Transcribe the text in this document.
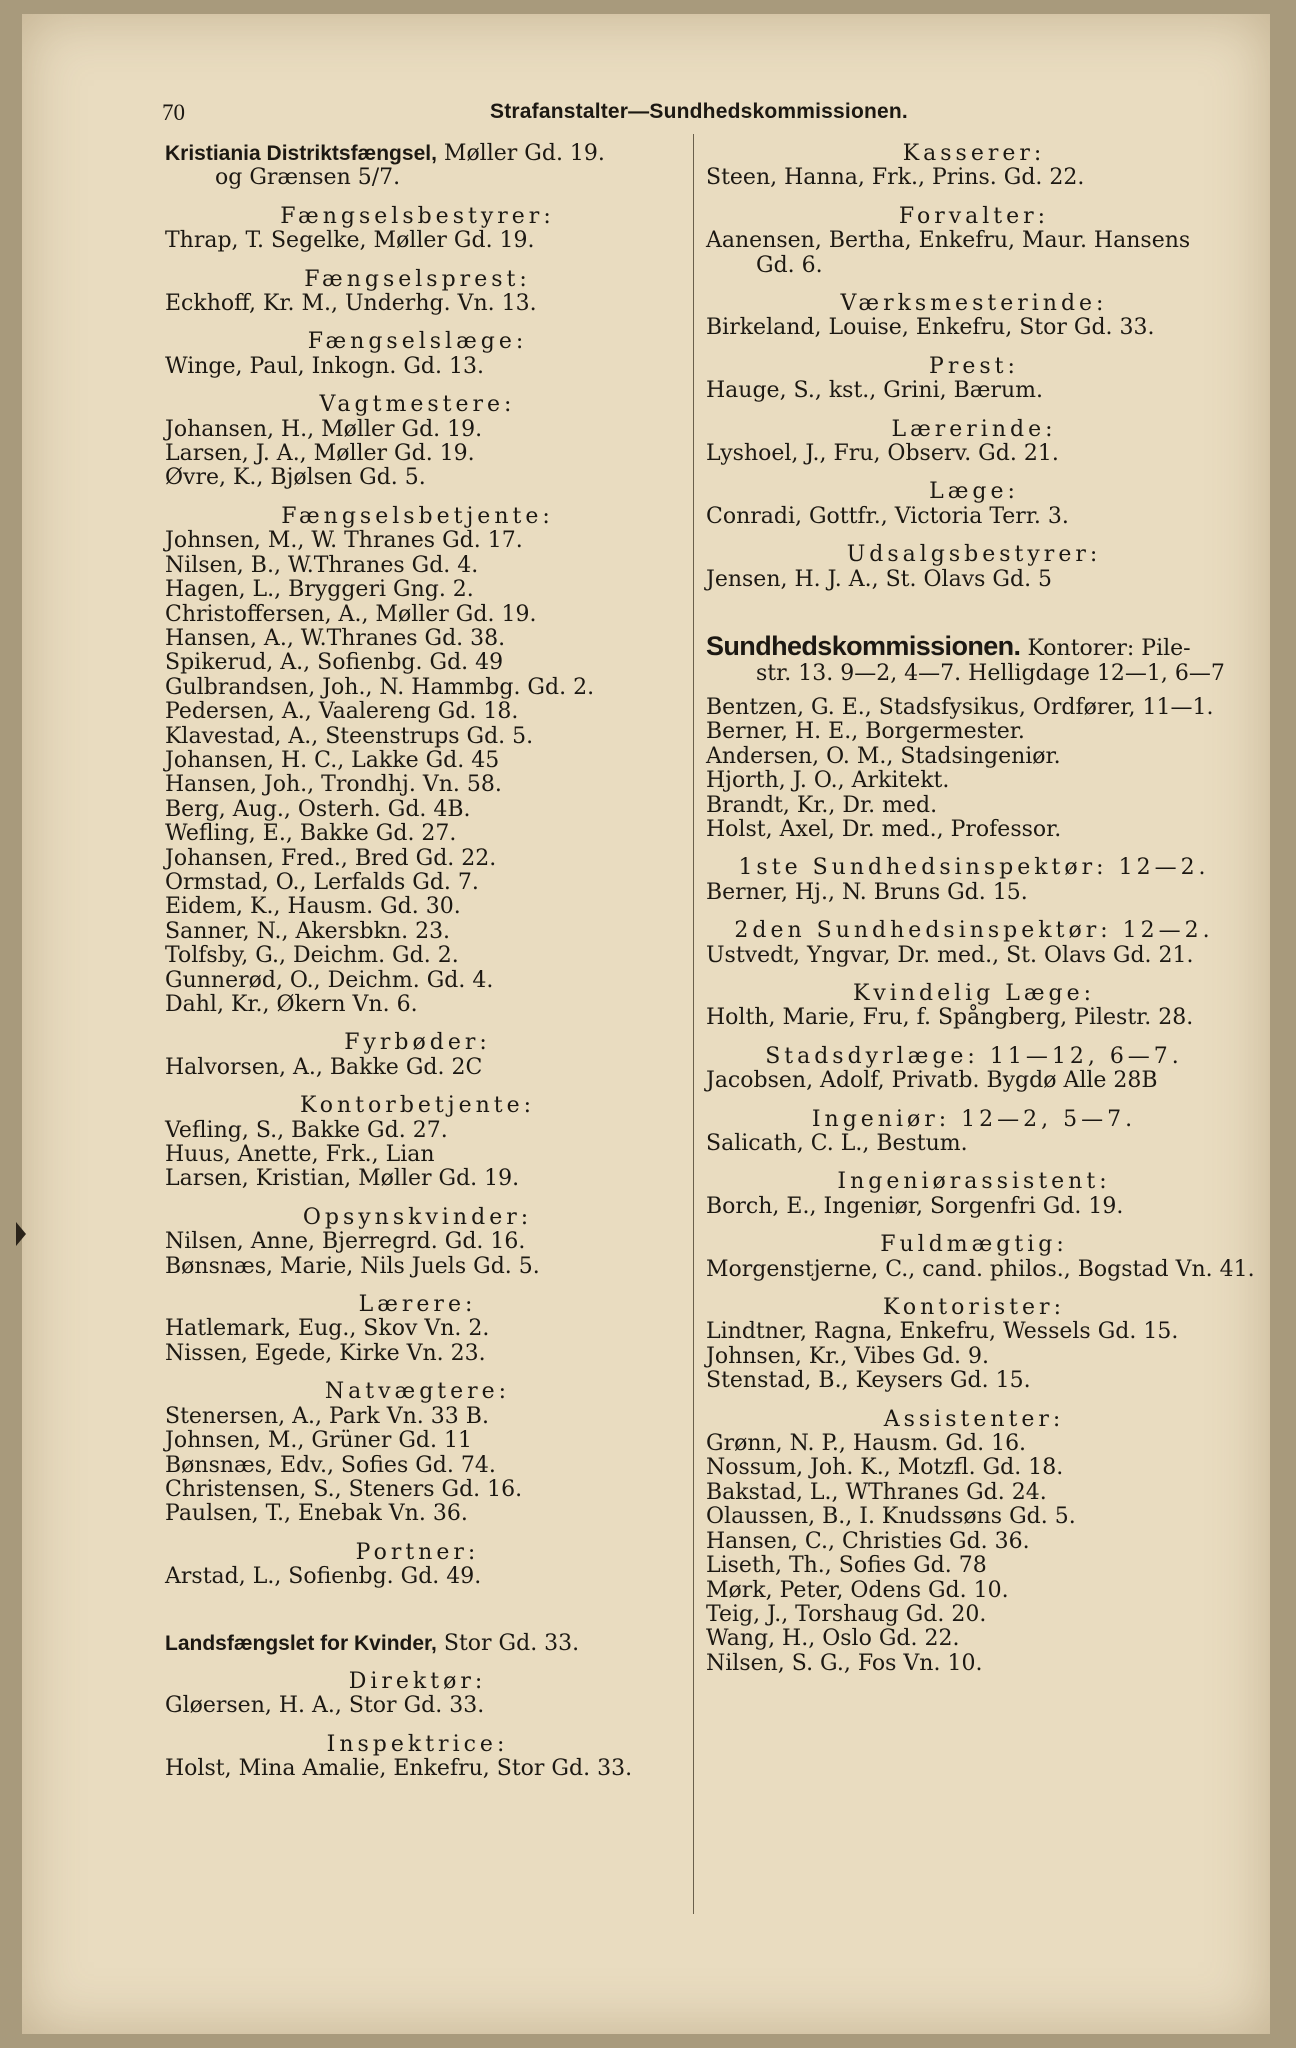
70	Strafanstalter—Sundhedskommissionen.
Kristiania Distriktsfængsel, Møller Gd. 19.
og Grænsen 5/7.
Fængselsbestyrer:
Thrap, T. Segelke, Møller Gd. 19.
Fængselsprest:
Eckhoff, Kr. M., Underhg. Vn. 13.
Fængselslæge:
Winge, Paul, Inkogn. Gd. 13.
Vagtmestere:
Johansen, H., Møller Gd. 19.
Larsen, J. A., Møller Gd. 19.
Øvre, K., Bjølsen Gd. 5.
Fængselsbetjente:
Johnsen, M., W. Thranes Gd. 17.
Nilsen, B., W.Thranes Gd. 4.
Hagen, L., Bryggeri Gng. 2.
Christoffersen, A., Møller Gd. 19.
Hansen, A., W.Thranes Gd. 38.
Spikerud, A., Sofienbg. Gd. 49
Gulbrandsen, Joh., N. Hammbg. Gd. 2.
Pedersen, A., Vaalereng Gd. 18.
Klavestad, A., Steenstrups Gd. 5.
Johansen, H. C., Lakke Gd. 45
Hansen, Joh., Trondhj. Vn. 58.
Berg, Aug., Osterh. Gd. 4B.
Wefling, E., Bakke Gd. 27.
Johansen, Fred., Bred Gd. 22.
Ormstad, O., Lerfalds Gd. 7.
Eidem, K., Hausm. Gd. 30.
Sanner, N., Akersbkn. 23.
Tolfsby, G., Deichm. Gd. 2.
Gunnerød, O., Deichm. Gd. 4.
Dahl, Kr., Økern Vn. 6.
Fyrbøder:
Halvorsen, A., Bakke Gd. 2C
Kontorbetjente:
Vefling, S., Bakke Gd. 27.
Huus, Anette, Frk., Lian
Larsen, Kristian, Møller Gd. 19.
Opsynskvinder:
Nilsen, Anne, Bjerregrd. Gd. 16.
Bønsnæs, Marie, Nils Juels Gd. 5.
Lærere:
Hatlemark, Eug., Skov Vn. 2.
Nissen, Egede, Kirke Vn. 23.
Natvægtere:
Stenersen, A., Park Vn. 33 B.
Johnsen, M., Grüner Gd. 11
Bønsnæs, Edv., Sofies Gd. 74.
Christensen, S., Steners Gd. 16.
Paulsen, T., Enebak Vn. 36.
Portner:
Arstad, L., Sofienbg. Gd. 49.
Landsfængslet for Kvinder, Stor Gd. 33.
Direktør:
Gløersen, H. A., Stor Gd. 33.
Inspektrice:
Holst, Mina Amalie, Enkefru, Stor Gd. 33.
Kasserer:
Steen, Hanna, Frk., Prins. Gd. 22.
Forvalter:
Aanensen, Bertha, Enkefru, Maur. Hansens
Gd. 6.
Værksmesterinde:
Birkeland, Louise, Enkefru, Stor Gd. 33.
Prest:
Hauge, S., kst., Grini, Bærum.
Lærerinde:
Lyshoel, J., Fru, Observ. Gd. 21.
Læge:
Conradi, Gottfr., Victoria Terr. 3.
Udsalgsbestyrer:
Jensen, H. J. A., St. Olavs Gd. 5
Sundhedskommissionen. Kontorer: Pile-
str. 13. 9—2, 4—7. Helligdage 12—1, 6—7
Bentzen, G. E., Stadsfysikus, Ordfører, 11—1.
Berner, H. E., Borgermester.
Andersen, O. M., Stadsingeniør.
Hjorth, J. O., Arkitekt.
Brandt, Kr., Dr. med.
Holst, Axel, Dr. med., Professor.
1ste Sundhedsinspektør: 12—2.
Berner, Hj., N. Bruns Gd. 15.
2den Sundhedsinspektør: 12—2.
Ustvedt, Yngvar, Dr. med., St. Olavs Gd. 21.
Kvindelig Læge:
Holth, Marie, Fru, f. Spångberg, Pilestr. 28.
Stadsdyrlæge: 11—12, 6—7.
Jacobsen, Adolf, Privatb. Bygdø Alle 28B
Ingeniør: 12—2, 5—7.
Salicath, C. L., Bestum.
Ingeniørassistent:
Borch, E., Ingeniør, Sorgenfri Gd. 19.
Fuldmægtig:
Morgenstjerne, C., cand. philos., Bogstad Vn. 41.
Kontorister:
Lindtner, Ragna, Enkefru, Wessels Gd. 15.
Johnsen, Kr., Vibes Gd. 9.
Stenstad, B., Keysers Gd. 15.
Assistenter:
Grønn, N. P., Hausm. Gd. 16.
Nossum, Joh. K., Motzfl. Gd. 18.
Bakstad, L., WThranes Gd. 24.
Olaussen, B., I. Knudssøns Gd. 5.
Hansen, C., Christies Gd. 36.
Liseth, Th., Sofies Gd. 78
Mørk, Peter, Odens Gd. 10.
Teig, J., Torshaug Gd. 20.
Wang, H., Oslo Gd. 22.
Nilsen, S. G., Fos Vn. 10.
